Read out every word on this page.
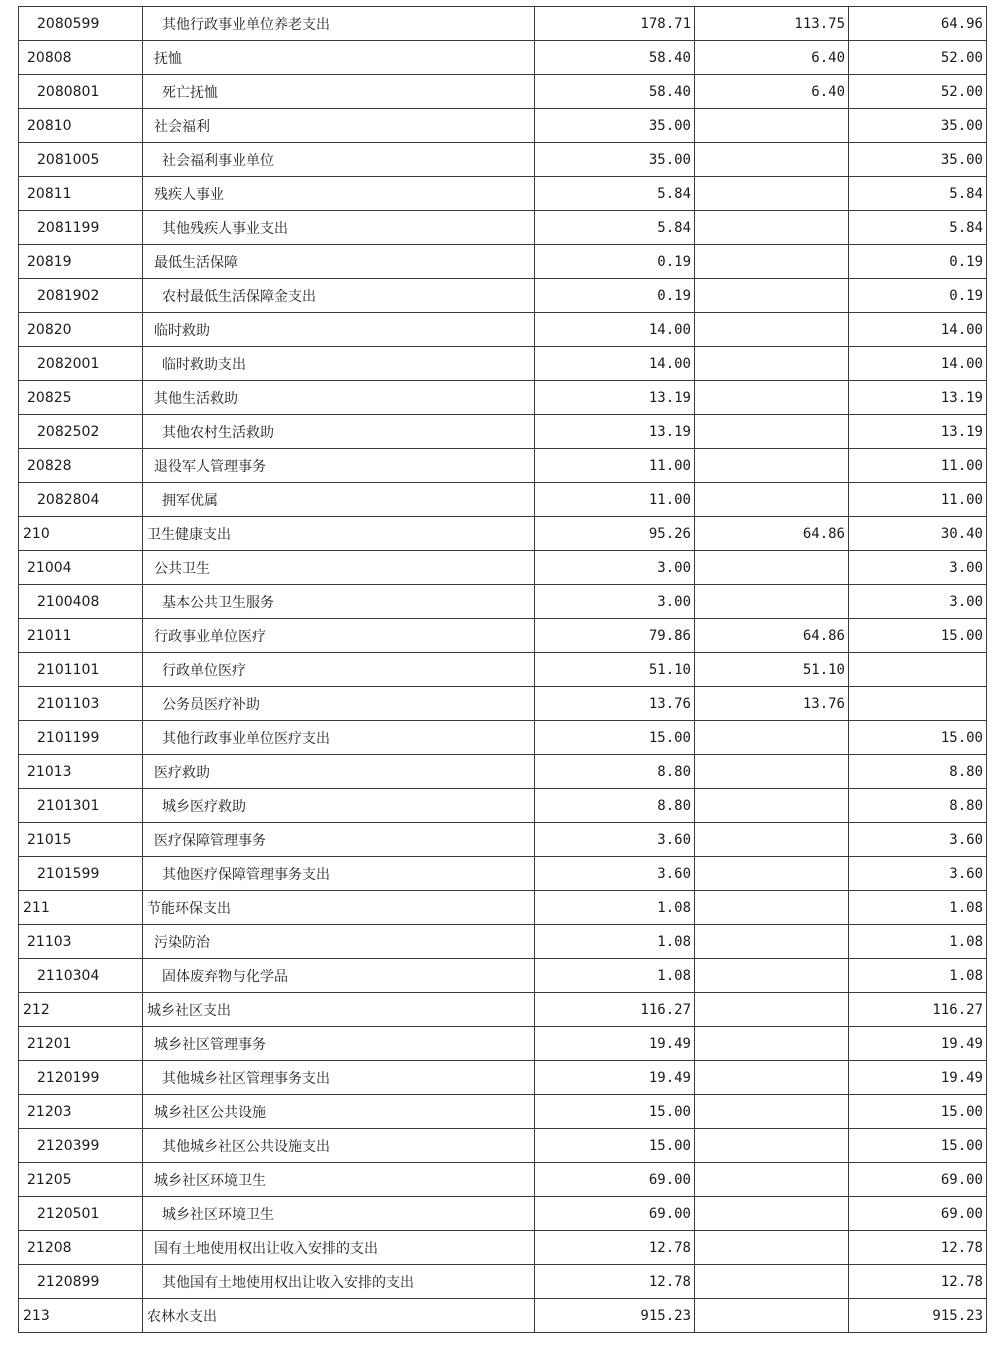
2080599	其他行政事业单位养老支出	178.71	113.75	64.96
20808	抚恤	58.40	6.40	52.00
2080801	死亡抚恤	58.40	6.40	52.00
20810	社会福利	35.00		35.00
2081005	社会福利事业单位	35.00		35.00
20811	残疾人事业	5.84		5.84
2081199	其他残疾人事业支出	5.84		5.84
20819	最低生活保障	0.19		0.19
2081902	农村最低生活保障金支出	0.19		0.19
20820	临时救助	14.00		14.00
2082001	临时救助支出	14.00		14.00
20825	其他生活救助	13.19		13.19
2082502	其他农村生活救助	13.19		13.19
20828	退役军人管理事务	11.00		11.00
2082804	拥军优属	11.00		11.00
210	卫生健康支出	95.26	64.86	30.40
21004	公共卫生	3.00		3.00
2100408	基本公共卫生服务	3.00		3.00
21011	行政事业单位医疗	79.86	64.86	15.00
2101101	行政单位医疗	51.10	51.10	
2101103	公务员医疗补助	13.76	13.76	
2101199	其他行政事业单位医疗支出	15.00		15.00
21013	医疗救助	8.80		8.80
2101301	城乡医疗救助	8.80		8.80
21015	医疗保障管理事务	3.60		3.60
2101599	其他医疗保障管理事务支出	3.60		3.60
211	节能环保支出	1.08		1.08
21103	污染防治	1.08		1.08
2110304	固体废弃物与化学品	1.08		1.08
212	城乡社区支出	116.27		116.27
21201	城乡社区管理事务	19.49		19.49
2120199	其他城乡社区管理事务支出	19.49		19.49
21203	城乡社区公共设施	15.00		15.00
2120399	其他城乡社区公共设施支出	15.00		15.00
21205	城乡社区环境卫生	69.00		69.00
2120501	城乡社区环境卫生	69.00		69.00
21208	国有土地使用权出让收入安排的支出	12.78		12.78
2120899	其他国有土地使用权出让收入安排的支出	12.78		12.78
213	农林水支出	915.23		915.23
